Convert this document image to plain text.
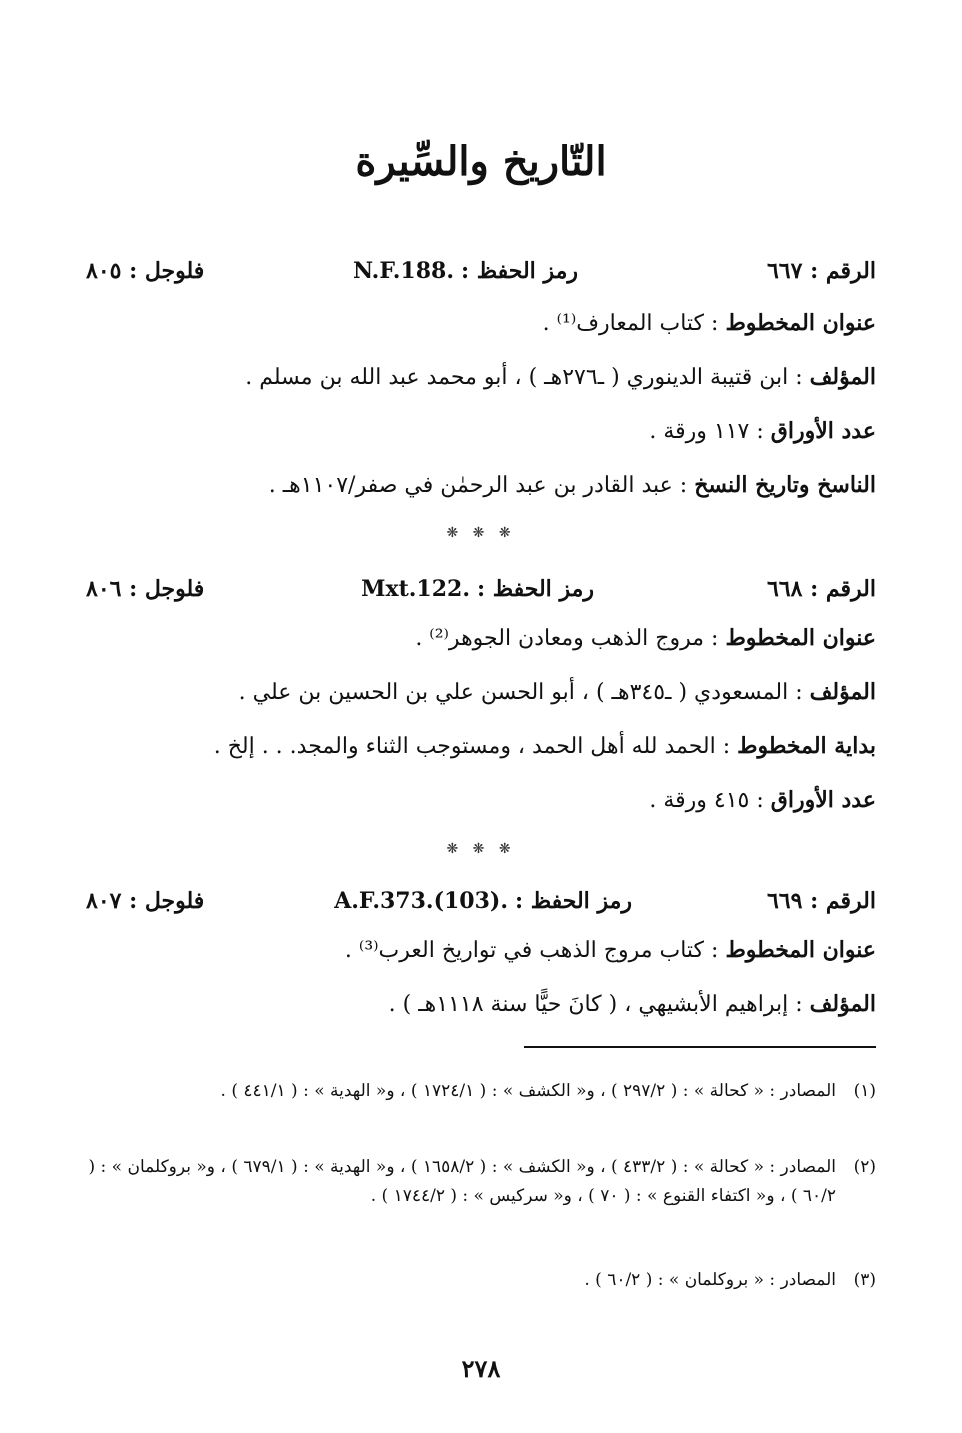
التّاريخ والسِّيرة
الرقم : ٦٦٧
رمز الحفظ : N.F.188.
فلوجل : ٨٠٥
عنوان المخطوط : كتاب المعارف⁽¹⁾ .
المؤلف : ابن قتيبة الدينوري ( ـ٢٧٦هـ ) ، أبو محمد عبد الله بن مسلم .
عدد الأوراق : ١١٧ ورقة .
الناسخ وتاريخ النسخ : عبد القادر بن عبد الرحمٰن في صفر/١١٠٧هـ .
❋ ❋ ❋
الرقم : ٦٦٨
رمز الحفظ : Mxt.122.
فلوجل : ٨٠٦
عنوان المخطوط : مروج الذهب ومعادن الجوهر⁽²⁾ .
المؤلف : المسعودي ( ـ٣٤٥هـ ) ، أبو الحسن علي بن الحسين بن علي .
بداية المخطوط : الحمد لله أهل الحمد ، ومستوجب الثناء والمجد. . . إلخ .
عدد الأوراق : ٤١٥ ورقة .
❋ ❋ ❋
الرقم : ٦٦٩
رمز الحفظ : A.F.373.(103).
فلوجل : ٨٠٧
عنوان المخطوط : كتاب مروج الذهب في تواريخ العرب⁽³⁾ .
المؤلف : إبراهيم الأبشيهي ، ( كانَ حيًّا سنة ١١١٨هـ ) .
(١)
المصادر : « كحالة » : ( ٢٩٧/٢ ) ، و« الكشف » : ( ١٧٢٤/١ ) ، و« الهدية » : ( ٤٤١/١ ) .
(٢)
المصادر : « كحالة » : ( ٤٣٣/٢ ) ، و« الكشف » : ( ١٦٥٨/٢ ) ، و« الهدية » : ( ٦٧٩/١ ) ، و« بروكلمان » : ( ٦٠/٢ ) ، و« اكتفاء القنوع » : ( ٧٠ ) ، و« سركيس » : ( ١٧٤٤/٢ ) .
(٣)
المصادر : « بروكلمان » : ( ٦٠/٢ ) .
٢٧٨
